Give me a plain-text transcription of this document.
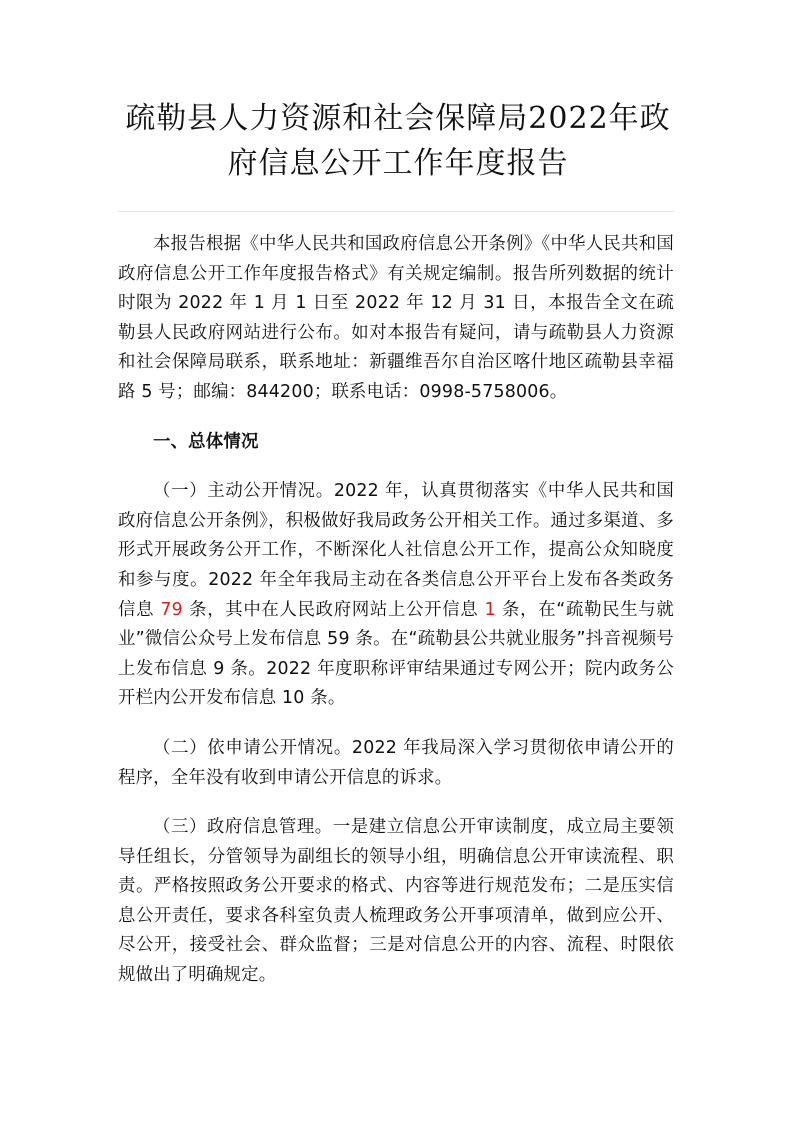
疏勒县人力资源和社会保障局2022年政
府信息公开工作年度报告

本报告根据《中华人民共和国政府信息公开条例》《中华人民共和国政府信息公开工作年度报告格式》有关规定编制。报告所列数据的统计时限为 2022 年 1 月 1 日至 2022 年 12 月 31 日，本报告全文在疏勒县人民政府网站进行公布。如对本报告有疑问，请与疏勒县人力资源和社会保障局联系，联系地址：新疆维吾尔自治区喀什地区疏勒县幸福路 5 号；邮编：844200；联系电话：0998-5758006。

一、总体情况

（一）主动公开情况。2022 年，认真贯彻落实《中华人民共和国政府信息公开条例》，积极做好我局政务公开相关工作。通过多渠道、多形式开展政务公开工作，不断深化人社信息公开工作，提高公众知晓度和参与度。2022 年全年我局主动在各类信息公开平台上发布各类政务信息 79 条，其中在人民政府网站上公开信息 1 条，在“疏勒民生与就业”微信公众号上发布信息 59 条。在“疏勒县公共就业服务”抖音视频号上发布信息 9 条。2022 年度职称评审结果通过专网公开；院内政务公开栏内公开发布信息 10 条。

（二）依申请公开情况。2022 年我局深入学习贯彻依申请公开的程序，全年没有收到申请公开信息的诉求。

（三）政府信息管理。一是建立信息公开审读制度，成立局主要领导任组长，分管领导为副组长的领导小组，明确信息公开审读流程、职责。严格按照政务公开要求的格式、内容等进行规范发布；二是压实信息公开责任，要求各科室负责人梳理政务公开事项清单，做到应公开、尽公开，接受社会、群众监督；三是对信息公开的内容、流程、时限依规做出了明确规定。
